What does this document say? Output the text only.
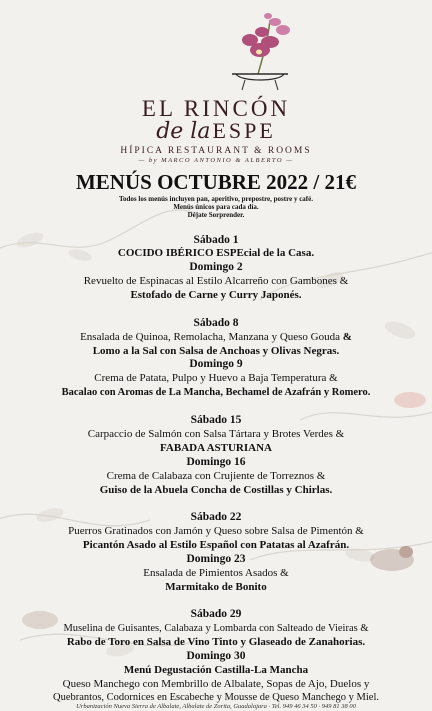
EL RINCÓN
de laESPE
HÍPICA RESTAURANT & ROOMS
— by MARCO ANTONIO & ALBERTO —
MENÚS OCTUBRE 2022 / 21€
Todos los menús incluyen pan, aperitivo, prepostre, postre y café.
Menús únicos para cada día.
Déjate Sorprender.
Sábado 1
COCIDO IBÉRICO ESPEcial de la Casa.
Domingo 2
Revuelto de Espinacas al Estilo Alcarreño con Gambones &
Estofado de Carne y Curry Japonés.
Sábado 8
Ensalada de Quinoa, Remolacha, Manzana y Queso Gouda &
Lomo a la Sal con Salsa de Anchoas y Olivas Negras.
Domingo 9
Crema de Patata, Pulpo y Huevo a Baja Temperatura &
Bacalao con Aromas de La Mancha, Bechamel de Azafrán y Romero.
Sábado 15
Carpaccio de Salmón con Salsa Tártara y Brotes Verdes &
FABADA ASTURIANA
Domingo 16
Crema de Calabaza con Crujiente de Torreznos &
Guiso de la Abuela Concha de Costillas y Chirlas.
Sábado 22
Puerros Gratinados con Jamón y Queso sobre Salsa de Pimentón &
Picantón Asado al Estilo Español con Patatas al Azafrán.
Domingo 23
Ensalada de Pimientos Asados &
Marmitako de Bonito
Sábado 29
Muselina de Guisantes, Calabaza y Lombarda con Salteado de Vieiras &
Rabo de Toro en Salsa de Vino Tinto y Glaseado de Zanahorias.
Domingo 30
Menú Degustación Castilla-La Mancha
Queso Manchego con Membrillo de Albalate, Sopas de Ajo, Duelos y
Quebrantos, Codornices en Escabeche y Mousse de Queso Manchego y Miel.
Urbanización Nueva Sierra de Albalate, Albalate de Zorita, Guadalajara · Tel. 949 46 34 50 · 949 81 38 00
